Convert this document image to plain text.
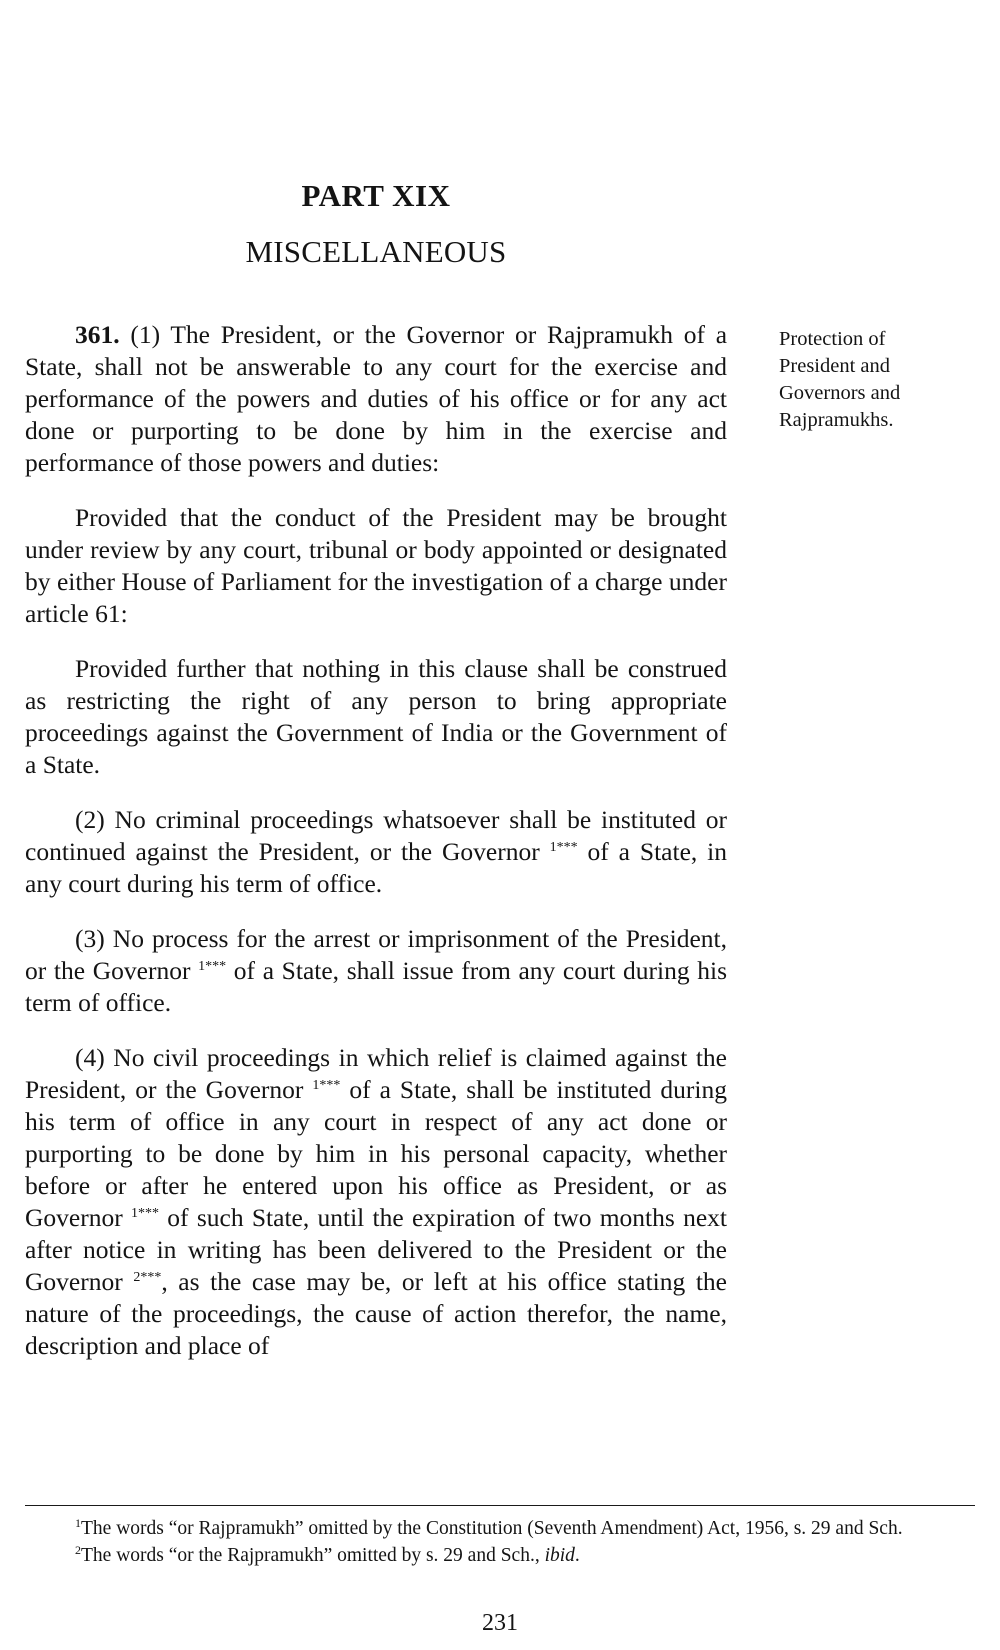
PART XIX
MISCELLANEOUS

361. (1) The President, or the Governor or Rajpramukh of a State, shall not be answerable to any court for the exercise and performance of the powers and duties of his office or for any act done or purporting to be done by him in the exercise and performance of those powers and duties:

Provided that the conduct of the President may be brought under review by any court, tribunal or body appointed or designated by either House of Parliament for the investigation of a charge under article 61:

Provided further that nothing in this clause shall be construed as restricting the right of any person to bring appropriate proceedings against the Government of India or the Government of a State.

(2) No criminal proceedings whatsoever shall be instituted or continued against the President, or the Governor $^{1***}$ of a State, in any court during his term of office.

(3) No process for the arrest or imprisonment of the President, or the Governor $^{1***}$ of a State, shall issue from any court during his term of office.

(4) No civil proceedings in which relief is claimed against the President, or the Governor $^{1***}$ of a State, shall be instituted during his term of office in any court in respect of any act done or purporting to be done by him in his personal capacity, whether before or after he entered upon his office as President, or as Governor $^{1***}$ of such State, until the expiration of two months next after notice in writing has been delivered to the President or the Governor $^{2***}$, as the case may be, or left at his office stating the nature of the proceedings, the cause of action therefor, the name, description and place of

Protection of
President and
Governors and
Rajpramukhs.

$^1$The words “or Rajpramukh” omitted by the Constitution (Seventh Amendment) Act, 1956, s. 29 and Sch.

$^2$The words “or the Rajpramukh” omitted by s. 29 and Sch., ibid.

231
